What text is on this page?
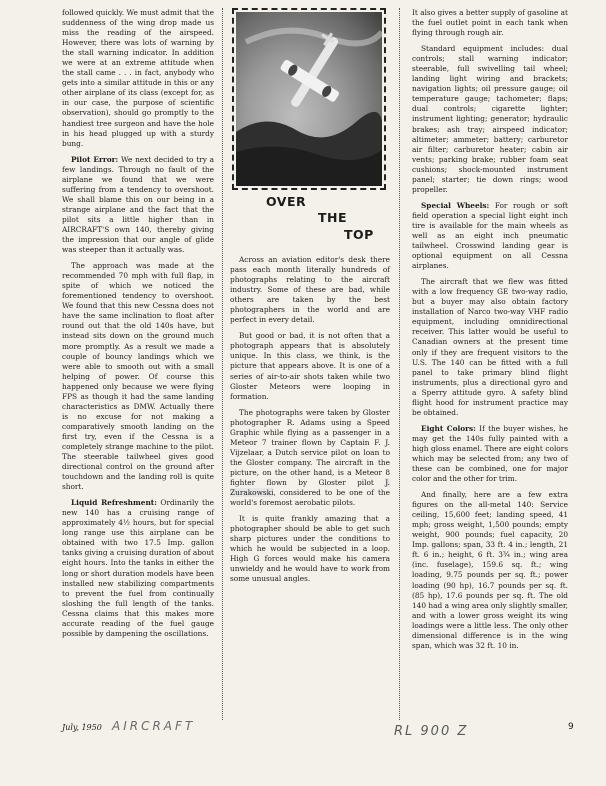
followed quickly. We must admit that the suddenness of the wing drop made us miss the reading of the airspeed. However, there was lots of warning by the stall warning indicator. In addition we were at an extreme attitude when the stall came . . . in fact, anybody who gets into a similar attitude in this or any other airplane of its class (except for, as in our case, the purpose of scientific observation), should go promptly to the handiest tree surgeon and have the hole in his head plugged up with a sturdy bung.

Pilot Error: We next decided to try a few landings. Through no fault of the airplane we found that we were suffering from a tendency to overshoot. We shall blame this on our being in a strange airplane and the fact that the pilot sits a little higher than in AIRCRAFT'S own 140, thereby giving the impression that our angle of glide was steeper than it actually was.

The approach was made at the recommended 70 mph with full flap, in spite of which we noticed the forementioned tendency to overshoot. We found that this new Cessna does not have the same inclination to float after round out that the old 140s have, but instead sits down on the ground much more promptly. As a result we made a couple of bouncy landings which we were able to smooth out with a small helping of power. Of course this happened only because we were flying FPS as though it had the same landing characteristics as DMW. Actually there is no excuse for not making a comparatively smooth landing on the first try, even if the Cessna is a completely strange machine to the pilot. The steerable tailwheel gives good directional control on the ground after touchdown and the landing roll is quite short.

Liquid Refreshment: Ordinarily the new 140 has a cruising range of approximately 4½ hours, but for special long range use this airplane can be obtained with two 17.5 Imp. gallon tanks giving a cruising duration of about eight hours. Into the tanks in either the long or short duration models have been installed new stabilizing compartments to prevent the fuel from continually sloshing the full length of the tanks. Cessna claims that this makes more accurate reading of the fuel gauge possible by dampening the oscillations.

OVER
THE
TOP

Across an aviation editor's desk there pass each month literally hundreds of photographs relating to the aircraft industry. Some of these are bad, while others are taken by the best photographers in the world and are perfect in every detail.

But good or bad, it is not often that a photograph appears that is absolutely unique. In this class, we think, is the picture that appears above. It is one of a series of air-to-air shots taken while two Gloster Meteors were looping in formation.

The photographs were taken by Gloster photographer R. Adams using a Speed Graphic while flying as a passenger in a Meteor 7 trainer flown by Captain F. J. Vijzelaar, a Dutch service pilot on loan to the Gloster company. The aircraft in the picture, on the other hand, is a Meteor 8 fighter flown by Gloster pilot J. Zurakowski, considered to be one of the world's foremost aerobatic pilots.

It is quite frankly amazing that a photographer should be able to get such sharp pictures under the conditions to which he would be subjected in a loop. High G forces would make his camera unwieldy and he would have to work from some unusual angles.

It also gives a better supply of gasoline at the fuel outlet point in each tank when flying through rough air.

Standard equipment includes: dual controls; stall warning indicator; steerable, full swivelling tail wheel; landing light wiring and brackets; navigation lights; oil pressure gauge; oil temperature gauge; tachometer; flaps; dual controls; cigarette lighter; instrument lighting; generator; hydraulic brakes; ash tray; airspeed indicator; altimeter; ammeter; battery; carburetor air filter; carburetor heater; cabin air vents; parking brake; rubber foam seat cushions; shock-mounted instrument panel; starter; tie down rings; wood propeller.

Special Wheels: For rough or soft field operation a special light eight inch tire is available for the main wheels as well as an eight inch pneumatic tailwheel. Crosswind landing gear is optional equipment on all Cessna airplanes.

The aircraft that we flew was fitted with a low frequency GE two-way radio, but a buyer may also obtain factory installation of Narco two-way VHF radio equipment, including omnidirectional receiver. This latter would be useful to Canadian owners at the present time only if they are frequent visitors to the U.S. The 140 can be fitted with a full panel to take primary blind flight instruments, plus a directional gyro and a Sperry attitude gyro. A safety blind flight hood for instrument practice may be obtained.

Eight Colors: If the buyer wishes, he may get the 140s fully painted with a high gloss enamel. There are eight colors which may be selected from; any two of these can be combined, one for major color and the other for trim.

And finally, here are a few extra figures on the all-metal 140: Service ceiling, 15,600 feet; landing speed, 41 mph; gross weight, 1,500 pounds; empty weight, 900 pounds; fuel capacity, 20 Imp. gallons; span, 33 ft. 4 in.; length, 21 ft. 6 in.; height, 6 ft. 3¾ in.; wing area (inc. fuselage), 159.6 sq. ft.; wing loading, 9.75 pounds per sq. ft.; power loading (90 hp), 16.7 pounds per sq. ft. (85 hp), 17.6 pounds per sq. ft. The old 140 had a wing area only slightly smaller, and with a lower gross weight its wing loadings were a little less. The only other dimensional difference is in the wing span, which was 32 ft. 10 in.

July, 1950 AIRCRAFT	RL 900 Z	9
